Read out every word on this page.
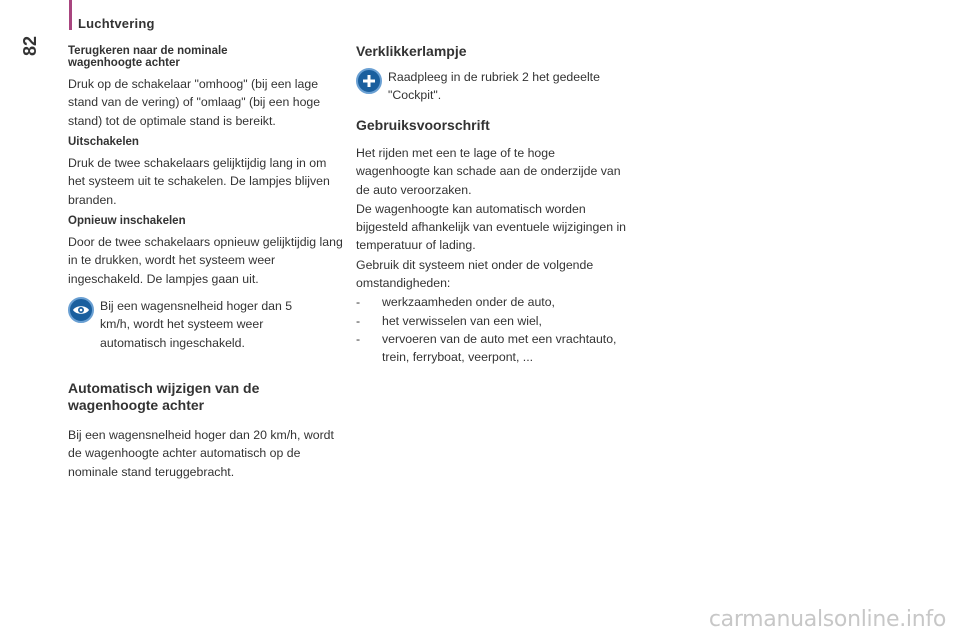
Luchtvering
82 Terugkeren naar de nominale wagenhoogte achter
Druk op de schakelaar "omhoog" (bij een lage stand van de vering) of "omlaag" (bij een hoge stand) tot de optimale stand is bereikt.
Uitschakelen
Druk de twee schakelaars gelijktijdig lang in om het systeem uit te schakelen. De lampjes blijven branden.
Opnieuw inschakelen
Door de twee schakelaars opnieuw gelijktijdig lang in te drukken, wordt het systeem weer ingeschakeld. De lampjes gaan uit.
Bij een wagensnelheid hoger dan 5 km/h, wordt het systeem weer automatisch ingeschakeld.
Automatisch wijzigen van de wagenhoogte achter
Bij een wagensnelheid hoger dan 20 km/h, wordt de wagenhoogte achter automatisch op de nominale stand teruggebracht.
Verklikkerlampje
Raadpleeg in de rubriek 2 het gedeelte "Cockpit".
Gebruiksvoorschrift
Het rijden met een te lage of te hoge wagenhoogte kan schade aan de onderzijde van de auto veroorzaken.
De wagenhoogte kan automatisch worden bijgesteld afhankelijk van eventuele wijzigingen in temperatuur of lading.
Gebruik dit systeem niet onder de volgende omstandigheden:
- werkzaamheden onder de auto,
- het verwisselen van een wiel,
- vervoeren van de auto met een vrachtauto, trein, ferryboat, veerpont, ...
carmanualsonline.info
